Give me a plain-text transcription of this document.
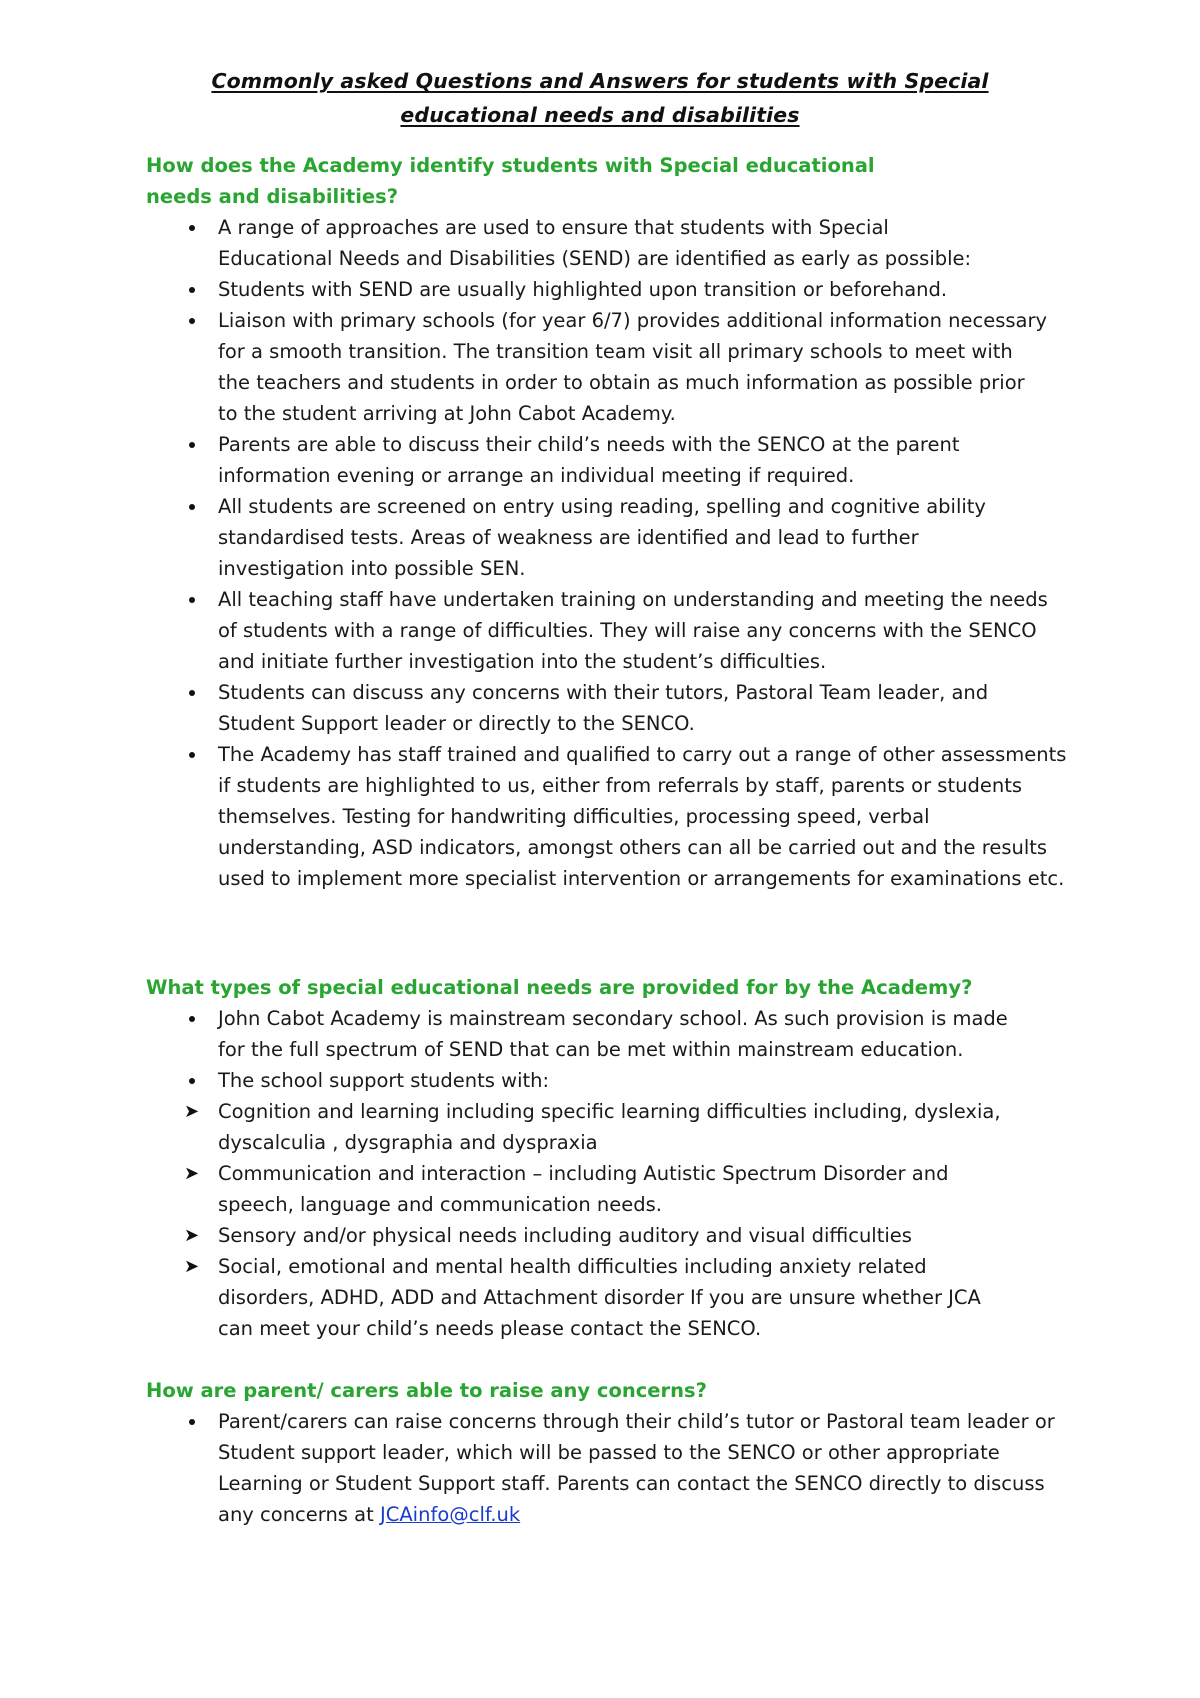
Commonly asked Questions and Answers for students with Special
educational needs and disabilities

How does the Academy identify students with Special educational needs and disabilities?

A range of approaches are used to ensure that students with Special Educational Needs and Disabilities (SEND) are identified as early as possible:
Students with SEND are usually highlighted upon transition or beforehand.
Liaison with primary schools (for year 6/7) provides additional information necessary for a smooth transition. The transition team visit all primary schools to meet with the teachers and students in order to obtain as much information as possible prior to the student arriving at John Cabot Academy.
Parents are able to discuss their child’s needs with the SENCO at the parent information evening or arrange an individual meeting if required.
All students are screened on entry using reading, spelling and cognitive ability standardised tests. Areas of weakness are identified and lead to further investigation into possible SEN.
All teaching staff have undertaken training on understanding and meeting the needs of students with a range of difficulties. They will raise any concerns with the SENCO and initiate further investigation into the student’s difficulties.
Students can discuss any concerns with their tutors, Pastoral Team leader, and Student Support leader or directly to the SENCO.
The Academy has staff trained and qualified to carry out a range of other assessments if students are highlighted to us, either from referrals by staff, parents or students themselves. Testing for handwriting difficulties, processing speed, verbal understanding, ASD indicators, amongst others can all be carried out and the results used to implement more specialist intervention or arrangements for examinations etc.

What types of special educational needs are provided for by the Academy?

John Cabot Academy is mainstream secondary school. As such provision is made for the full spectrum of SEND that can be met within mainstream education.
The school support students with:
➤ Cognition and learning including specific learning difficulties including, dyslexia, dyscalculia , dysgraphia and dyspraxia
➤ Communication and interaction – including Autistic Spectrum Disorder and speech, language and communication needs.
➤ Sensory and/or physical needs including auditory and visual difficulties
➤ Social, emotional and mental health difficulties including anxiety related disorders, ADHD, ADD and Attachment disorder If you are unsure whether JCA can meet your child’s needs please contact the SENCO.

How are parent/ carers able to raise any concerns?

Parent/carers can raise concerns through their child’s tutor or Pastoral team leader or Student support leader, which will be passed to the SENCO or other appropriate Learning or Student Support staff. Parents can contact the SENCO directly to discuss any concerns at JCAinfo@clf.uk
